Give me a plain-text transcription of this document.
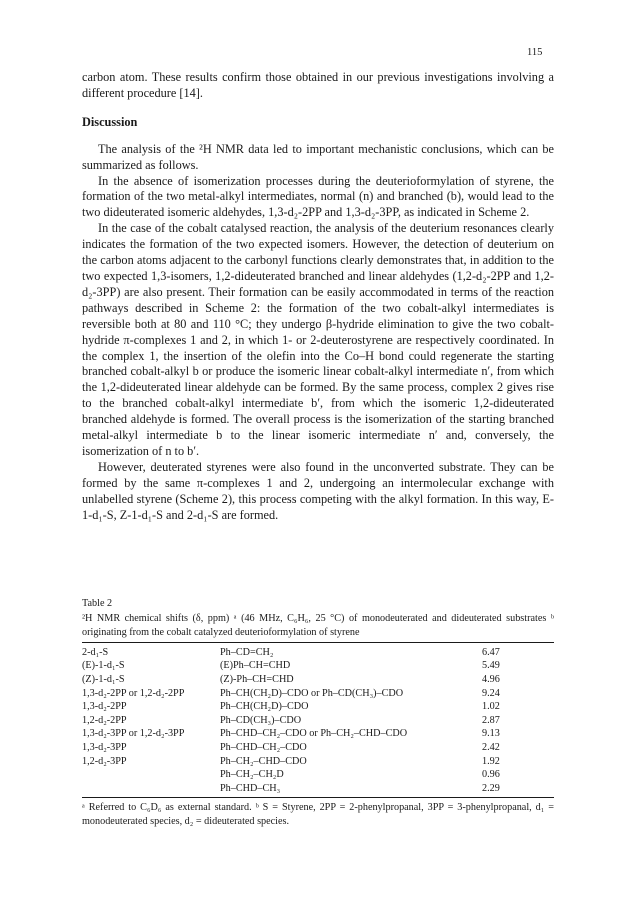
115

carbon atom. These results confirm those obtained in our previous investigations involving a different procedure [14].

Discussion

The analysis of the ²H NMR data led to important mechanistic conclusions, which can be summarized as follows.

In the absence of isomerization processes during the deuterioformylation of styrene, the formation of the two metal-alkyl intermediates, normal (n) and branched (b), would lead to the two dideuterated isomeric aldehydes, 1,3-d₂-2PP and 1,3-d₂-3PP, as indicated in Scheme 2.

In the case of the cobalt catalysed reaction, the analysis of the deuterium resonances clearly indicates the formation of the two expected isomers. However, the detection of deuterium on the carbon atoms adjacent to the carbonyl functions clearly demonstrates that, in addition to the two expected 1,3-isomers, 1,2-dideuterated branched and linear aldehydes (1,2-d₂-2PP and 1,2-d₂-3PP) are also present. Their formation can be easily accommodated in terms of the reaction pathways described in Scheme 2: the formation of the two cobalt-alkyl intermediates is reversible both at 80 and 110 °C; they undergo β-hydride elimination to give the two cobalt-hydride π-complexes 1 and 2, in which 1- or 2-deuterostyrene are respectively coordinated. In the complex 1, the insertion of the olefin into the Co–H bond could regenerate the starting branched cobalt-alkyl b or produce the isomeric linear cobalt-alkyl intermediate n′, from which the 1,2-dideuterated linear aldehyde can be formed. By the same process, complex 2 gives rise to the branched cobalt-alkyl intermediate b′, from which the isomeric 1,2-dideuterated branched aldehyde is formed. The overall process is the isomerization of the starting branched metal-alkyl intermediate b to the linear isomeric intermediate n′ and, conversely, the isomerization of n to b′.

However, deuterated styrenes were also found in the unconverted substrate. They can be formed by the same π-complexes 1 and 2, undergoing an intermolecular exchange with unlabelled styrene (Scheme 2), this process competing with the alkyl formation. In this way, E-1-d₁-S, Z-1-d₁-S and 2-d₁-S are formed.

Table 2

²H NMR chemical shifts (δ, ppm) ᵃ (46 MHz, C₆H₆, 25 °C) of monodeuterated and dideuterated substrates ᵇ originating from the cobalt catalyzed deuterioformylation of styrene

2-d₁-S	Ph–CD=CH₂	6.47
(E)-1-d₁-S	(E)Ph–CH=CHD	5.49
(Z)-1-d₁-S	(Z)-Ph–CH=CHD	4.96
1,3-d₂-2PP or 1,2-d₂-2PP	Ph–CH(CH₂D)–CDO or Ph–CD(CH₃)–CDO	9.24
1,3-d₂-2PP	Ph–CH(CH₂D)–CDO	1.02
1,2-d₂-2PP	Ph–CD(CH₃)–CDO	2.87
1,3-d₂-3PP or 1,2-d₂-3PP	Ph–CHD–CH₂–CDO or Ph–CH₂–CHD–CDO	9.13
1,3-d₂-3PP	Ph–CHD–CH₂–CDO	2.42
1,2-d₂-3PP	Ph–CH₂–CHD–CDO	1.92
	Ph–CH₂–CH₂D	0.96
	Ph–CHD–CH₃	2.29

ᵃ Referred to C₆D₆ as external standard. ᵇ S = Styrene, 2PP = 2-phenylpropanal, 3PP = 3-phenylpropanal, d₁ = monodeuterated species, d₂ = dideuterated species.
